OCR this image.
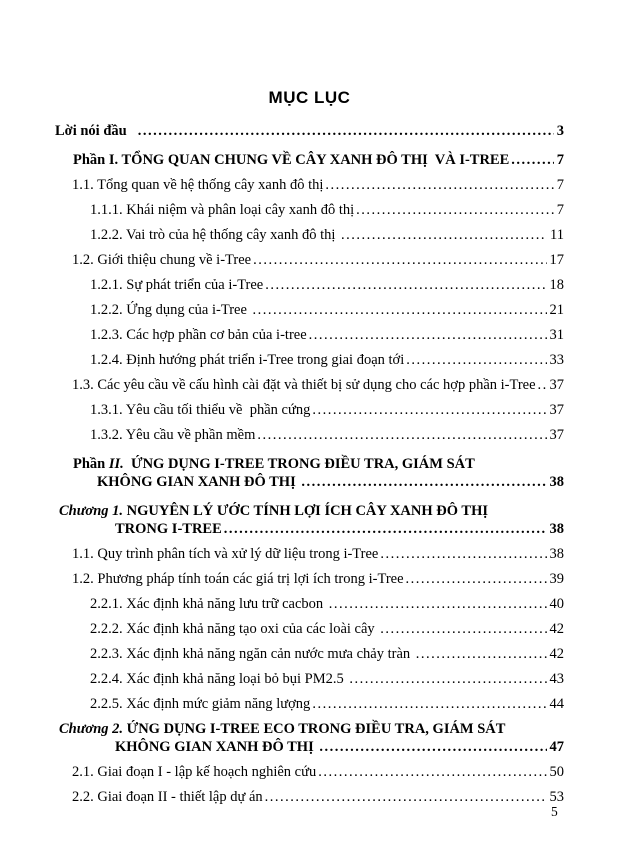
MỤC LỤC
Lời nói đầu .....	3
Phần I. TỔNG QUAN CHUNG VỀ CÂY XANH ĐÔ THỊ  VÀ I-TREE .....	7
1.1. Tổng quan về hệ thống cây xanh đô thị .....	7
1.1.1. Khái niệm và phân loại cây xanh đô thị .....	7
1.2.2. Vai trò của hệ thống cây xanh đô thị .....	11
1.2. Giới thiệu chung về i-Tree .....	17
1.2.1. Sự phát triển của i-Tree .....	18
1.2.2. Ứng dụng của i-Tree .....	21
1.2.3. Các hợp phần cơ bản của i-tree .....	31
1.2.4. Định hướng phát triển i-Tree trong giai đoạn tới .....	33
1.3. Các yêu cầu về cấu hình cài đặt và thiết bị sử dụng cho các hợp phần i-Tree ..... 37
1.3.1. Yêu cầu tối thiểu về  phần cứng .....	37
1.3.2. Yêu cầu về phần mềm .....	37
Phần II.  ỨNG DỤNG I-TREE TRONG ĐIỀU TRA, GIÁM SÁT
KHÔNG GIAN XANH ĐÔ THỊ .....	38
Chương 1. NGUYÊN LÝ ƯỚC TÍNH LỢI ÍCH CÂY XANH ĐÔ THỊ
TRONG I-TREE .....	38
1.1. Quy trình phân tích và xử lý dữ liệu trong i-Tree .....	38
1.2. Phương pháp tính toán các giá trị lợi ích trong i-Tree .....	39
2.2.1. Xác định khả năng lưu trữ cacbon .....	40
2.2.2. Xác định khả năng tạo oxi của các loài cây .....	42
2.2.3. Xác định khả năng ngăn cản nước mưa chảy tràn .....	42
2.2.4. Xác định khả năng loại bỏ bụi PM2.5 .....	43
2.2.5. Xác định mức giảm năng lượng .....	44
Chương 2. ỨNG DỤNG I-TREE ECO TRONG ĐIỀU TRA, GIÁM SÁT
KHÔNG GIAN XANH ĐÔ THỊ .....	47
2.1. Giai đoạn I - lập kế hoạch nghiên cứu .....	50
2.2. Giai đoạn II - thiết lập dự án .....	53
5
